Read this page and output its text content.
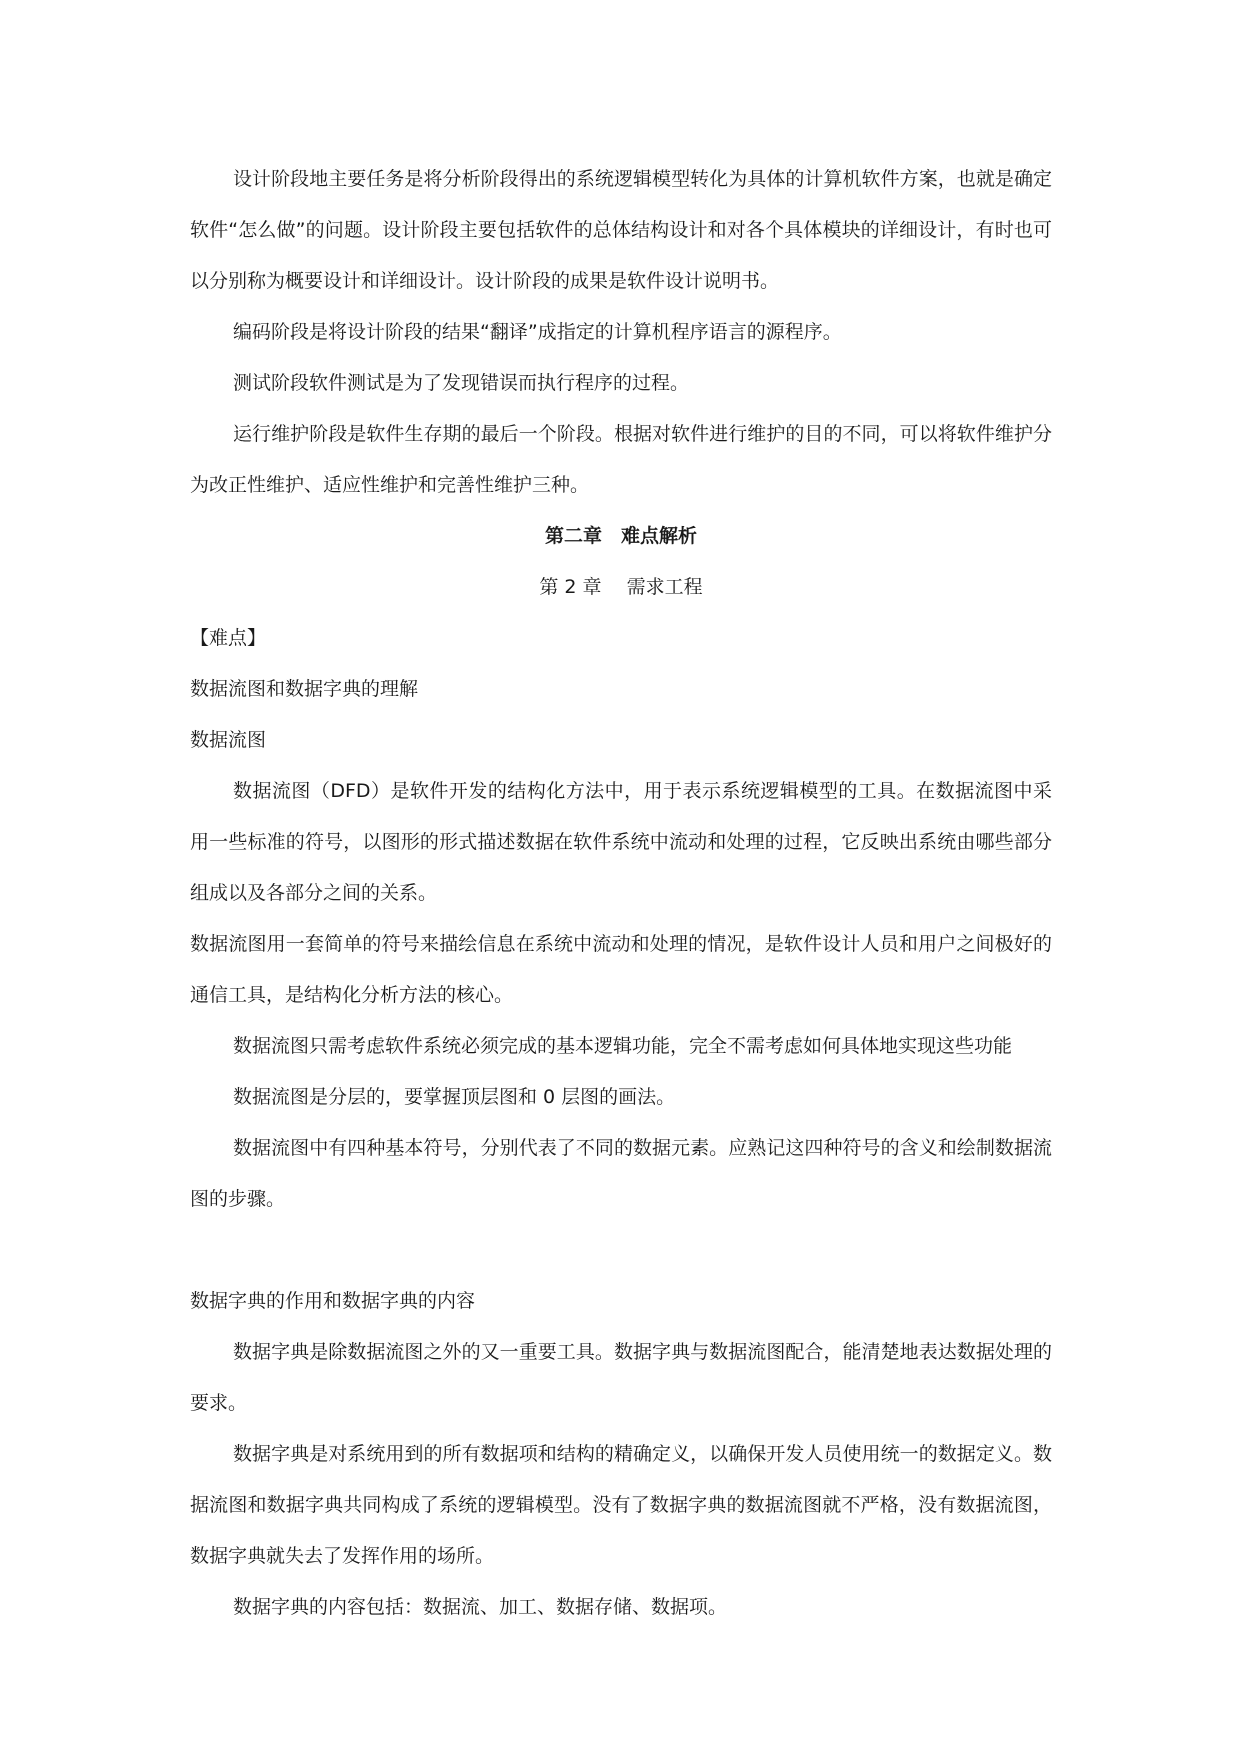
设计阶段地主要任务是将分析阶段得出的系统逻辑模型转化为具体的计算机软件方案，也就是确定软件“怎么做”的问题。设计阶段主要包括软件的总体结构设计和对各个具体模块的详细设计，有时也可以分别称为概要设计和详细设计。设计阶段的成果是软件设计说明书。

编码阶段是将设计阶段的结果“翻译”成指定的计算机程序语言的源程序。

测试阶段软件测试是为了发现错误而执行程序的过程。

运行维护阶段是软件生存期的最后一个阶段。根据对软件进行维护的目的不同，可以将软件维护分为改正性维护、适应性维护和完善性维护三种。

第二章　难点解析

第 2 章　 需求工程

【难点】

数据流图和数据字典的理解

数据流图

数据流图（DFD）是软件开发的结构化方法中，用于表示系统逻辑模型的工具。在数据流图中采用一些标准的符号，以图形的形式描述数据在软件系统中流动和处理的过程，它反映出系统由哪些部分组成以及各部分之间的关系。

数据流图用一套简单的符号来描绘信息在系统中流动和处理的情况，是软件设计人员和用户之间极好的通信工具，是结构化分析方法的核心。

数据流图只需考虑软件系统必须完成的基本逻辑功能，完全不需考虑如何具体地实现这些功能

数据流图是分层的，要掌握顶层图和 0 层图的画法。

数据流图中有四种基本符号，分别代表了不同的数据元素。应熟记这四种符号的含义和绘制数据流图的步骤。

数据字典的作用和数据字典的内容

数据字典是除数据流图之外的又一重要工具。数据字典与数据流图配合，能清楚地表达数据处理的要求。

数据字典是对系统用到的所有数据项和结构的精确定义，以确保开发人员使用统一的数据定义。数据流图和数据字典共同构成了系统的逻辑模型。没有了数据字典的数据流图就不严格，没有数据流图，数据字典就失去了发挥作用的场所。

数据字典的内容包括：数据流、加工、数据存储、数据项。
